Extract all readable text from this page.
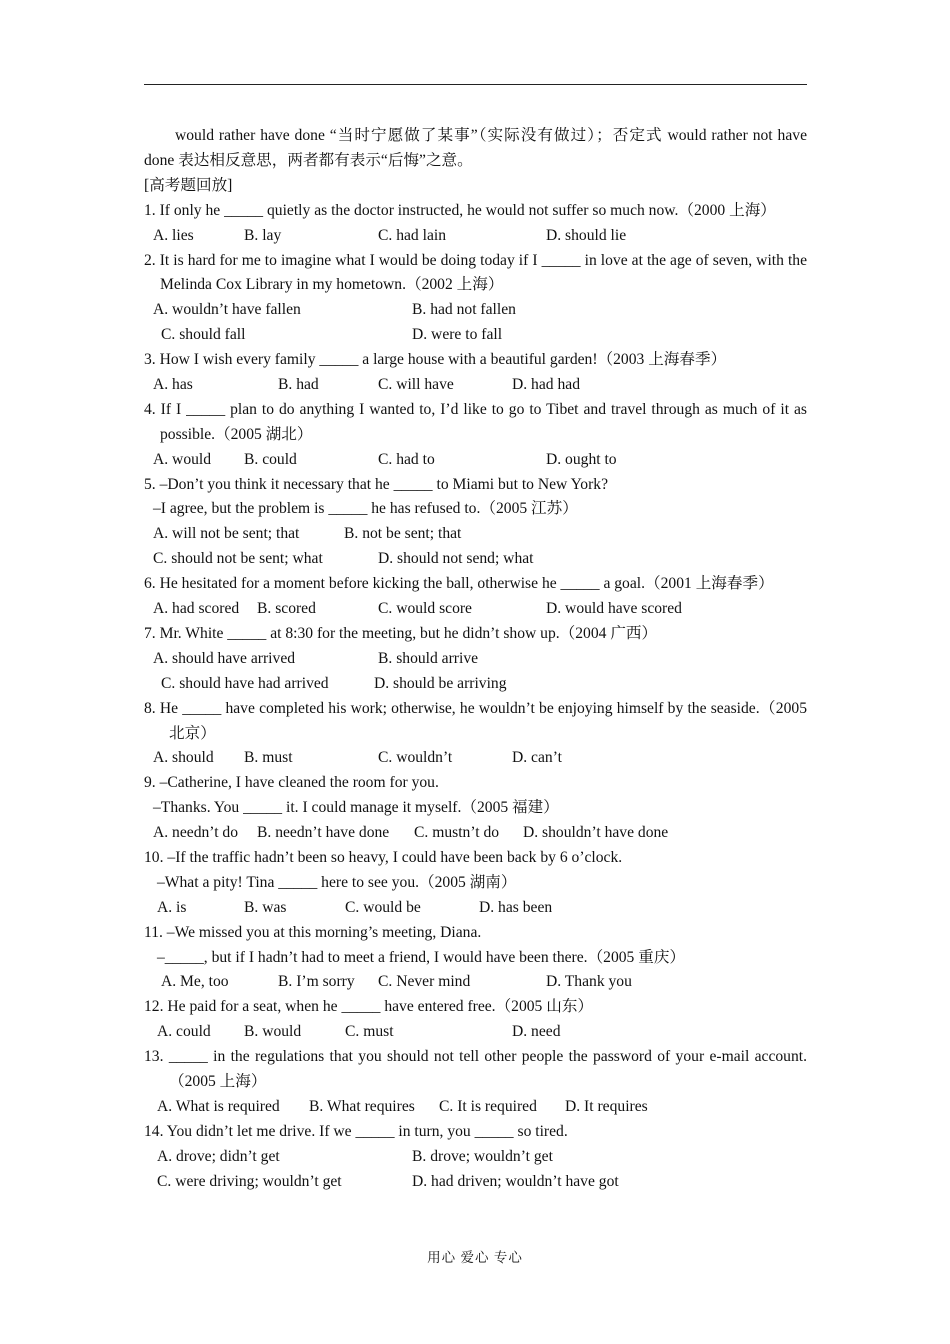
would rather have done “当时宁愿做了某事”（实际没有做过）；否定式 would rather not have done 表达相反意思，两者都有表示“后悔”之意。
[高考题回放]
1. If only he _____ quietly as the doctor instructed, he would not suffer so much now.（2000 上海）
A. lies	B. lay	C. had lain	D. should lie
2. It is hard for me to imagine what I would be doing today if I _____ in love at the age of seven, with the Melinda Cox Library in my hometown.（2002 上海）
A. wouldn’t have fallen	B. had not fallen
C. should fall	D. were to fall
3. How I wish every family _____ a large house with a beautiful garden!（2003 上海春季）
A. has	B. had	C. will have	D. had had
4. If I _____ plan to do anything I wanted to, I’d like to go to Tibet and travel through as much of it as possible.（2005 湖北）
A. would B. could	C. had to	D. ought to
5. –Don’t you think it necessary that he _____ to Miami but to New York?
–I agree, but the problem is _____ he has refused to.（2005 江苏）
A. will not be sent; that	B. not be sent; that
C. should not be sent; what	D. should not send; what
6. He hesitated for a moment before kicking the ball, otherwise he _____ a goal.（2001 上海春季）
A. had scored B. scored	C. would score	D. would have scored
7. Mr. White _____ at 8:30 for the meeting, but he didn’t show up.（2004 广西）
A. should have arrived	B. should arrive
C. should have had arrived	D. should be arriving
8. He _____ have completed his work; otherwise, he wouldn’t be enjoying himself by the seaside.（2005 北京）
A. should B. must	C. wouldn’t	D. can’t
9. –Catherine, I have cleaned the room for you.
–Thanks. You _____ it. I could manage it myself.（2005 福建）
A. needn’t do B. needn’t have done C. mustn’t do D. shouldn’t have done
10. –If the traffic hadn’t been so heavy, I could have been back by 6 o’clock.
–What a pity! Tina _____ here to see you.（2005 湖南）
A. is	B. was	C. would be	D. has been
11. –We missed you at this morning’s meeting, Diana.
–_____, but if I hadn’t had to meet a friend, I would have been there.（2005 重庆）
A. Me, too	B. I’m sorry C. Never mind	D. Thank you
12. He paid for a seat, when he _____ have entered free.（2005 山东）
A. could B. would	C. must	D. need
13. _____ in the regulations that you should not tell other people the password of your e-mail account.（2005 上海）
A. What is required B. What requires C. It is required D. It requires
14. You didn’t let me drive. If we _____ in turn, you _____ so tired.
A. drove; didn’t get	B. drove; wouldn’t get
C. were driving; wouldn’t get	D. had driven; wouldn’t have got
用心 爱心 专心
